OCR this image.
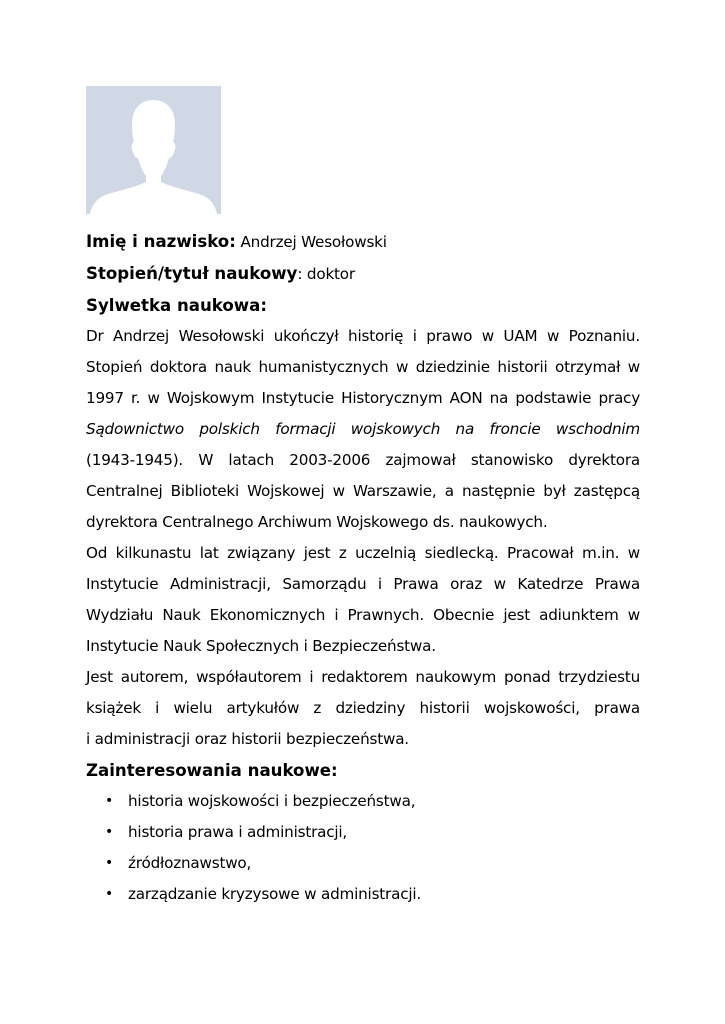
Imię i nazwisko: Andrzej Wesołowski
Stopień/tytuł naukowy: doktor
Sylwetka naukowa:
Dr Andrzej Wesołowski ukończył historię i prawo w UAM w Poznaniu.
Stopień doktora nauk humanistycznych w dziedzinie historii otrzymał w
1997 r. w Wojskowym Instytucie Historycznym AON na podstawie pracy
Sądownictwo polskich formacji wojskowych na froncie wschodnim
(1943-1945). W latach 2003-2006 zajmował stanowisko dyrektora
Centralnej Biblioteki Wojskowej w Warszawie, a następnie był zastępcą
dyrektora Centralnego Archiwum Wojskowego ds. naukowych.
Od kilkunastu lat związany jest z uczelnią siedlecką. Pracował m.in. w
Instytucie Administracji, Samorządu i Prawa oraz w Katedrze Prawa
Wydziału Nauk Ekonomicznych i Prawnych. Obecnie jest adiunktem w
Instytucie Nauk Społecznych i Bezpieczeństwa.
Jest autorem, współautorem i redaktorem naukowym ponad trzydziestu
książek i wielu artykułów z dziedziny historii wojskowości, prawa
i administracji oraz historii bezpieczeństwa.
Zainteresowania naukowe:
• historia wojskowości i bezpieczeństwa,
• historia prawa i administracji,
• źródłoznawstwo,
• zarządzanie kryzysowe w administracji.
